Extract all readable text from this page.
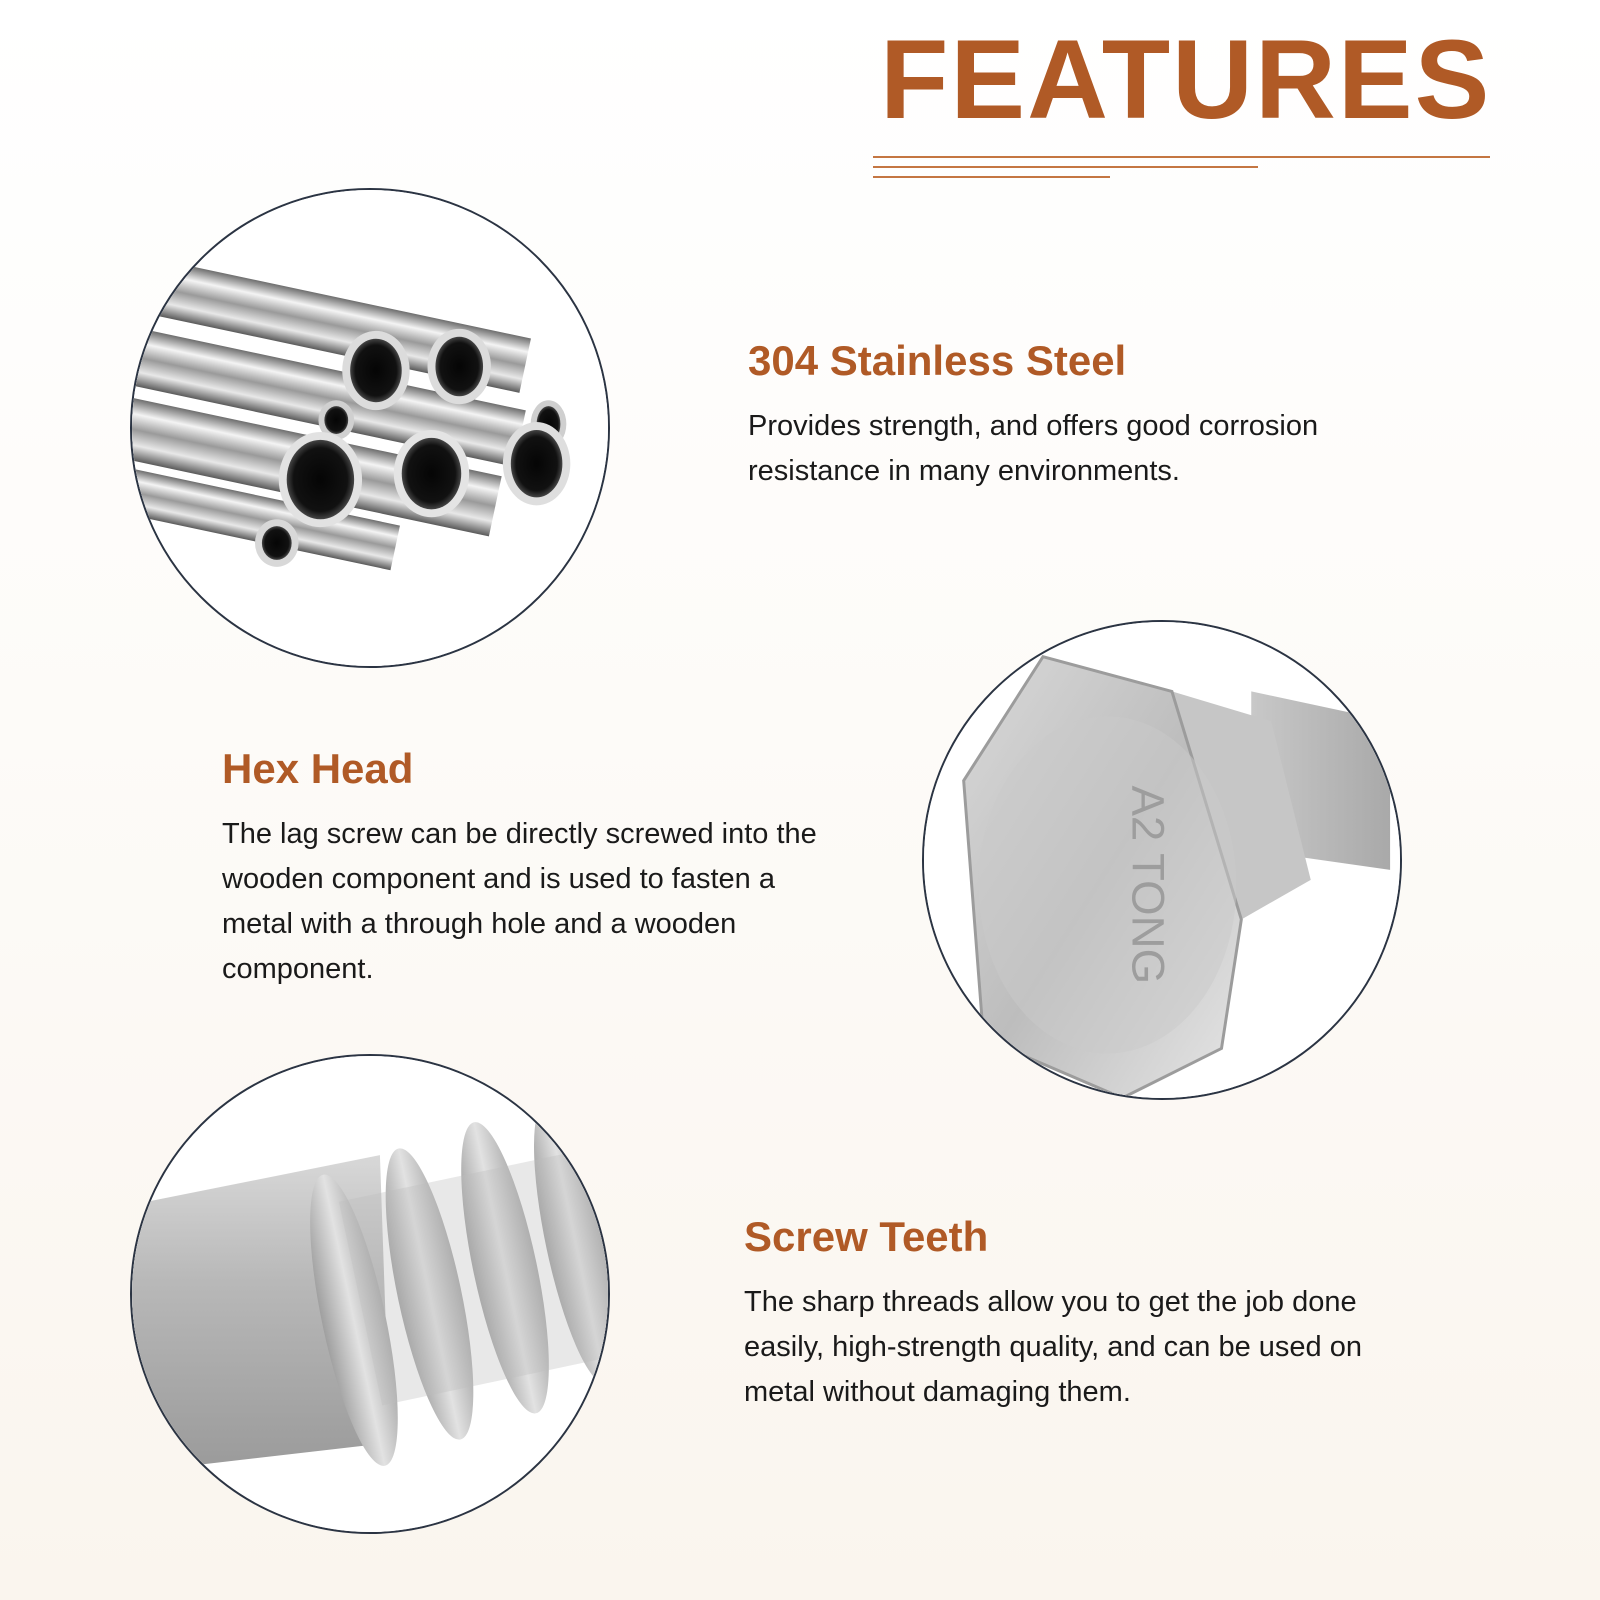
FEATURES
304 Stainless Steel

Provides strength, and offers good corrosion resistance in many environments.

Hex Head

The lag screw can be directly screwed into the wooden component and is used to fasten a metal with a through hole and a wooden component.	A2 TONG
Screw Teeth

The sharp threads allow you to get the job done easily, high-strength quality, and can be used on metal without damaging them.
